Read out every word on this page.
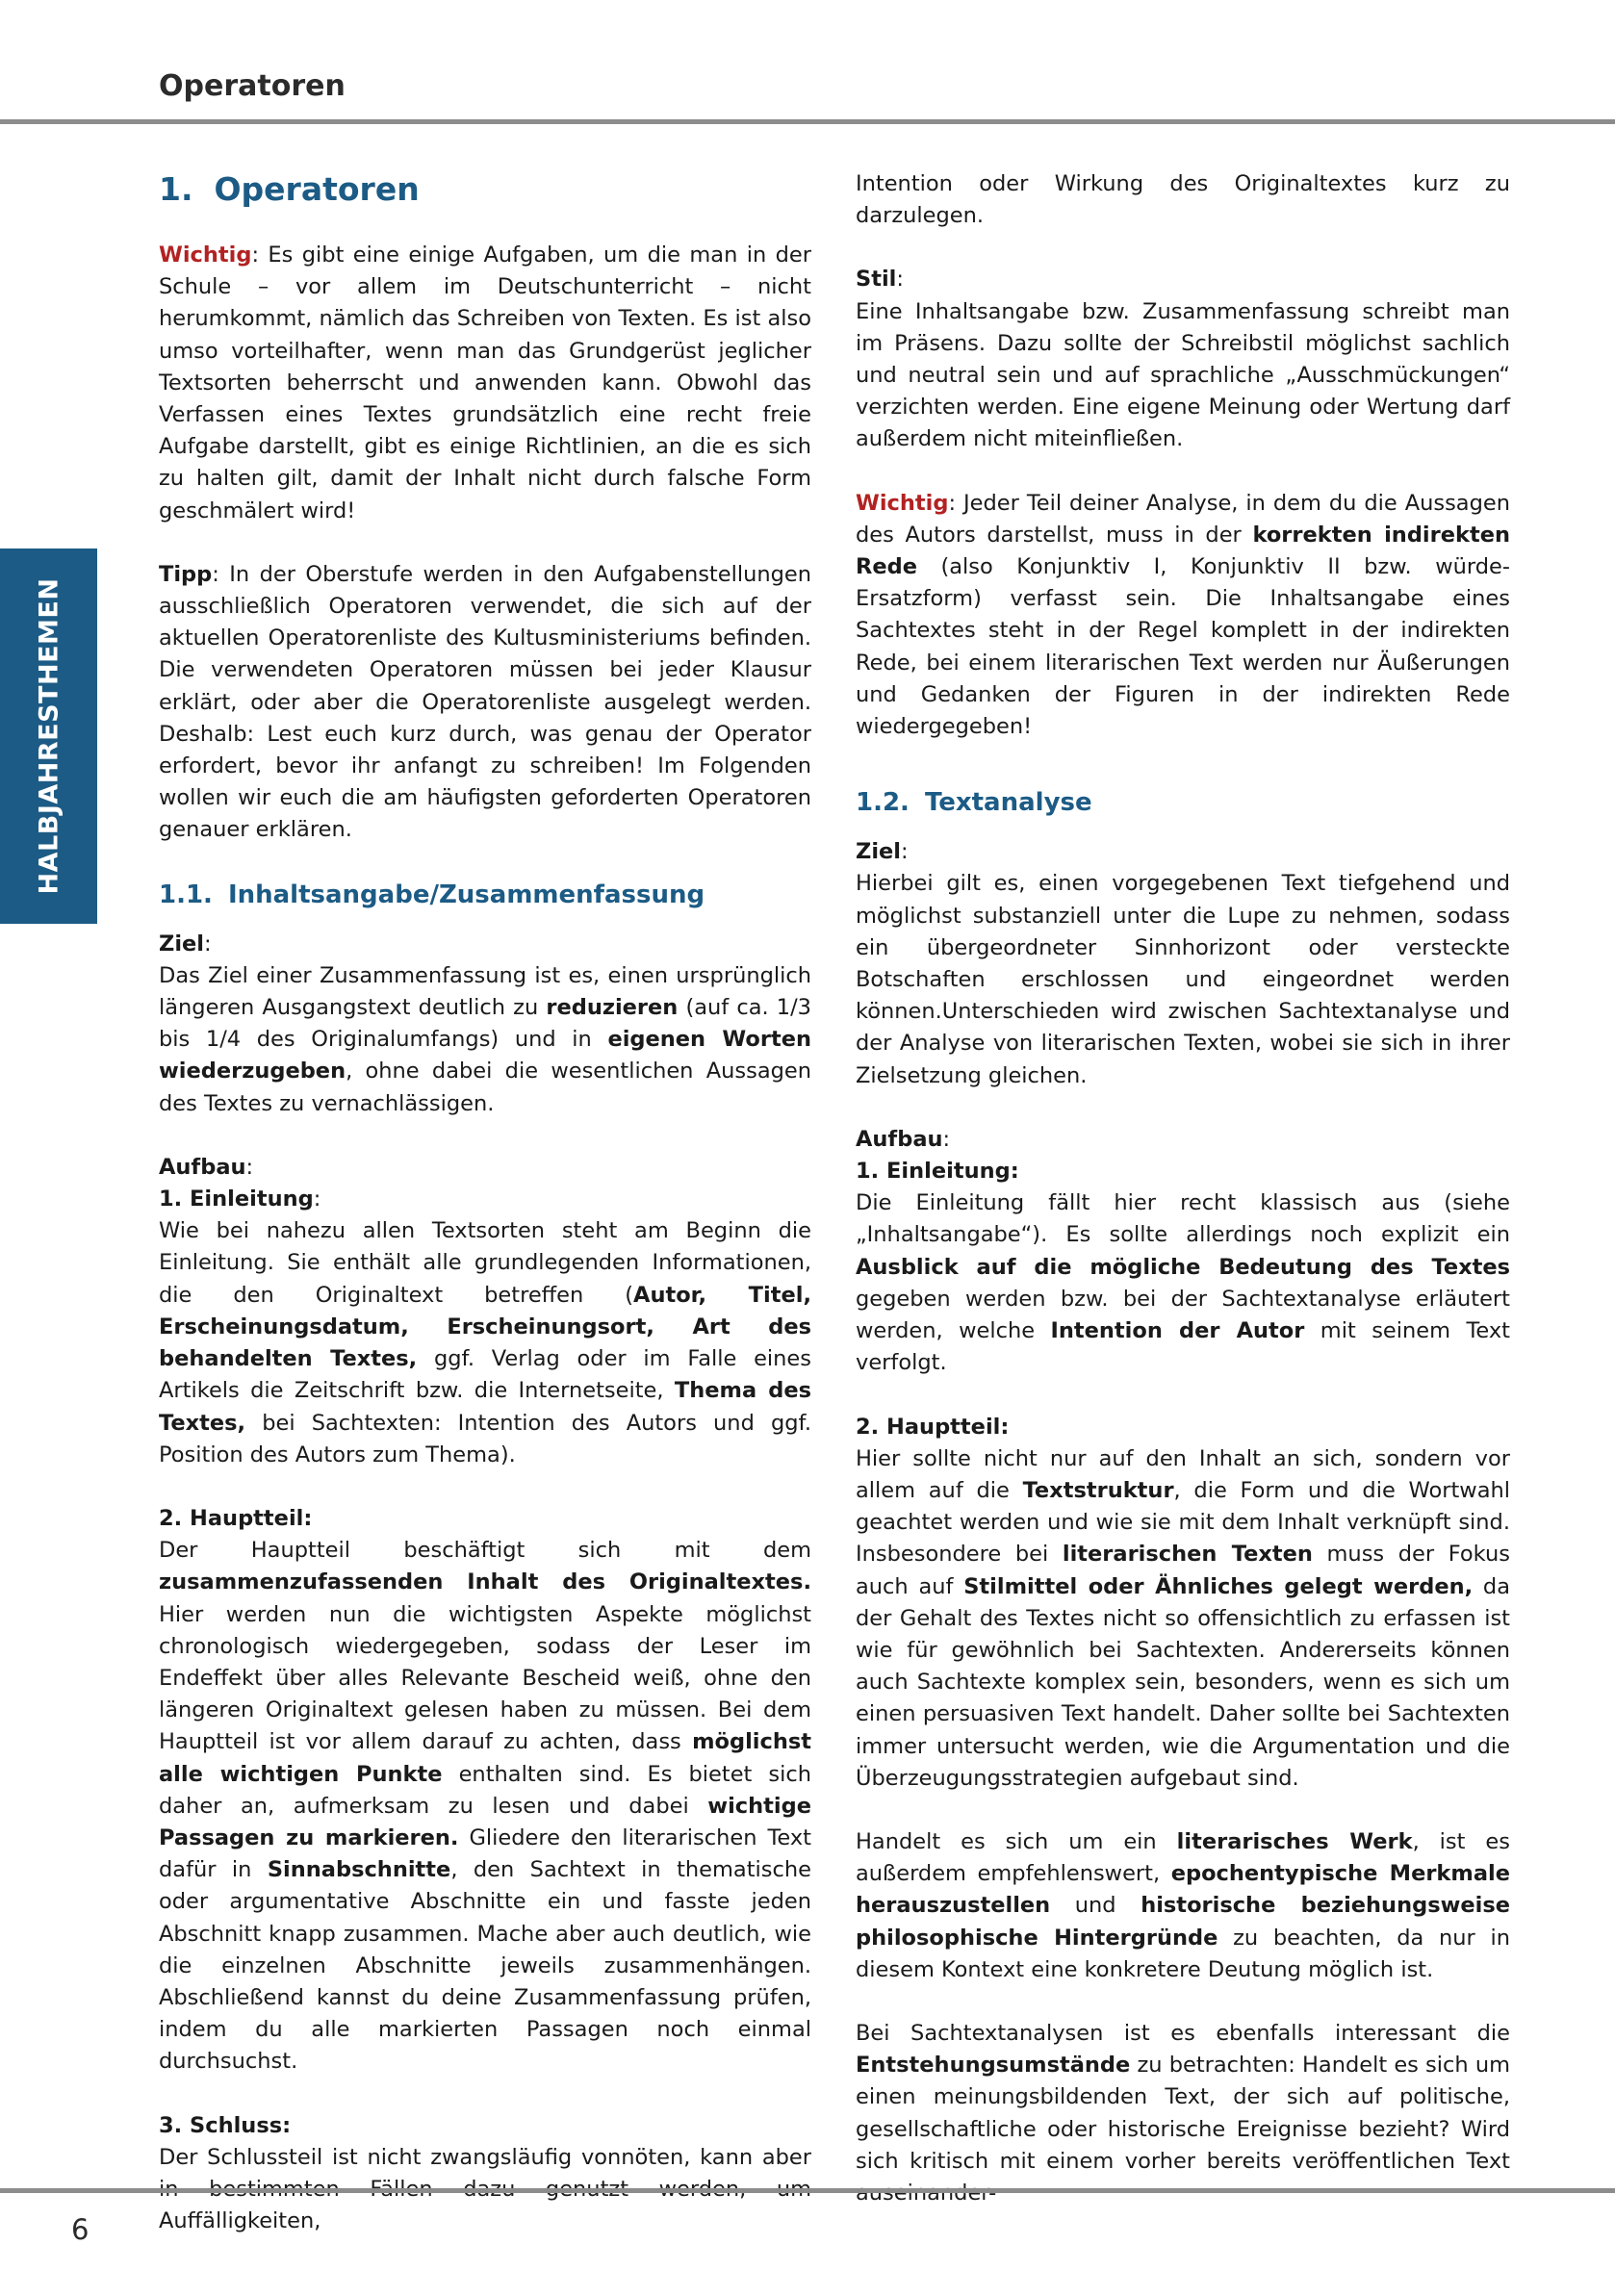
Operatoren
HALBJAHRESTHEMEN
1. Operatoren

Wichtig: Es gibt eine einige Aufgaben, um die man in der Schule – vor allem im Deutschunterricht – nicht herumkommt, nämlich das Schreiben von Texten. Es ist also umso vorteilhafter, wenn man das Grundgerüst jeglicher Textsorten beherrscht und anwenden kann. Obwohl das Verfassen eines Textes grundsätzlich eine recht freie Aufgabe darstellt, gibt es einige Richtlinien, an die es sich zu halten gilt, damit der Inhalt nicht durch falsche Form geschmälert wird!

Tipp: In der Oberstufe werden in den Aufgabenstellungen ausschließlich Operatoren verwendet, die sich auf der aktuellen Operatorenliste des Kultusministeriums befinden. Die verwendeten Operatoren müssen bei jeder Klausur erklärt, oder aber die Operatorenliste ausgelegt werden. Deshalb: Lest euch kurz durch, was genau der Operator erfordert, bevor ihr anfangt zu schreiben! Im Folgenden wollen wir euch die am häufigsten geforderten Operatoren genauer erklären.

1.1. Inhaltsangabe/Zusammenfassung

Ziel:

Das Ziel einer Zusammenfassung ist es, einen ursprünglich längeren Ausgangstext deutlich zu reduzieren (auf ca. 1/3 bis 1/4 des Originalumfangs) und in eigenen Worten wiederzugeben, ohne dabei die wesentlichen Aussagen des Textes zu vernachlässigen.

Aufbau:

1. Einleitung:

Wie bei nahezu allen Textsorten steht am Beginn die Einleitung. Sie enthält alle grundlegenden Informationen, die den Originaltext betreffen (Autor, Titel, Erscheinungsdatum, Erscheinungsort, Art des behandelten Textes, ggf. Verlag oder im Falle eines Artikels die Zeitschrift bzw. die Internetseite, Thema des Textes, bei Sachtexten: Intention des Autors und ggf. Position des Autors zum Thema).

2. Hauptteil:

Der Hauptteil beschäftigt sich mit dem zusammenzufassenden Inhalt des Originaltextes. Hier werden nun die wichtigsten Aspekte möglichst chronologisch wiedergegeben, sodass der Leser im Endeffekt über alles Relevante Bescheid weiß, ohne den längeren Originaltext gelesen haben zu müssen. Bei dem Hauptteil ist vor allem darauf zu achten, dass möglichst alle wichtigen Punkte enthalten sind. Es bietet sich daher an, aufmerksam zu lesen und dabei wichtige Passagen zu markieren. Gliedere den literarischen Text dafür in Sinnabschnitte, den Sachtext in thematische oder argumentative Abschnitte ein und fasste jeden Abschnitt knapp zusammen. Mache aber auch deutlich, wie die einzelnen Abschnitte jeweils zusammenhängen. Abschließend kannst du deine Zusammenfassung prüfen, indem du alle markierten Passagen noch einmal durchsuchst.

3. Schluss:

Der Schlussteil ist nicht zwangsläufig vonnöten, kann aber Auffälligkeiten,

Intention oder Wirkung des Originaltextes kurz zu darzulegen.

Stil:

Eine Inhaltsangabe bzw. Zusammenfassung schreibt man im Präsens. Dazu sollte der Schreibstil möglichst sachlich und neutral sein und auf sprachliche „Ausschmückungen“ verzichten werden. Eine eigene Meinung oder Wertung darf außerdem nicht miteinfließen.

Wichtig: Jeder Teil deiner Analyse, in dem du die Aussagen des Autors darstellst, muss in der korrekten indirekten Rede (also Konjunktiv I, Konjunktiv II bzw. würde-Ersatzform) verfasst sein. Die Inhaltsangabe eines Sachtextes steht in der Regel komplett in der indirekten Rede, bei einem literarischen Text werden nur Äußerungen und Gedanken der Figuren in der indirekten Rede wiedergegeben!

1.2. Textanalyse

Ziel:

Hierbei gilt es, einen vorgegebenen Text tiefgehend und möglichst substanziell unter die Lupe zu nehmen, sodass ein übergeordneter Sinnhorizont oder versteckte Botschaften erschlossen und eingeordnet werden können.Unterschieden wird zwischen Sachtextanalyse und der Analyse von literarischen Texten, wobei sie sich in ihrer Zielsetzung gleichen.

Aufbau:

1. Einleitung:

Die Einleitung fällt hier recht klassisch aus (siehe „Inhaltsangabe“). Es sollte allerdings noch explizit ein Ausblick auf die mögliche Bedeutung des Textes gegeben werden bzw. bei der Sachtextanalyse erläutert werden, welche Intention der Autor mit seinem Text verfolgt.

2. Hauptteil:

Hier sollte nicht nur auf den Inhalt an sich, sondern vor allem auf die Textstruktur, die Form und die Wortwahl geachtet werden und wie sie mit dem Inhalt verknüpft sind. Insbesondere bei literarischen Texten muss der Fokus auch auf Stilmittel oder Ähnliches gelegt werden, da der Gehalt des Textes nicht so offensichtlich zu erfassen ist wie für gewöhnlich bei Sachtexten. Andererseits können auch Sachtexte komplex sein, besonders, wenn es sich um einen persuasiven Text handelt. Daher sollte bei Sachtexten immer untersucht werden, wie die Argumentation und die Überzeugungsstrategien aufgebaut sind.

Handelt es sich um ein literarisches Werk, ist es außerdem empfehlenswert, epochentypische Merkmale herauszustellen und historische beziehungsweise philosophische Hintergründe zu beachten, da nur in diesem Kontext eine konkretere Deutung möglich ist.

Bei Sachtextanalysen ist es ebenfalls interessant die Entstehungsumstände zu betrachten: Handelt es sich um einen meinungsbildenden Text, der sich auf politische, gesellschaftliche oder historische Ereignisse bezieht? Wird sich kritisch mit einem vorher bereits veröffentlichen Text

6
